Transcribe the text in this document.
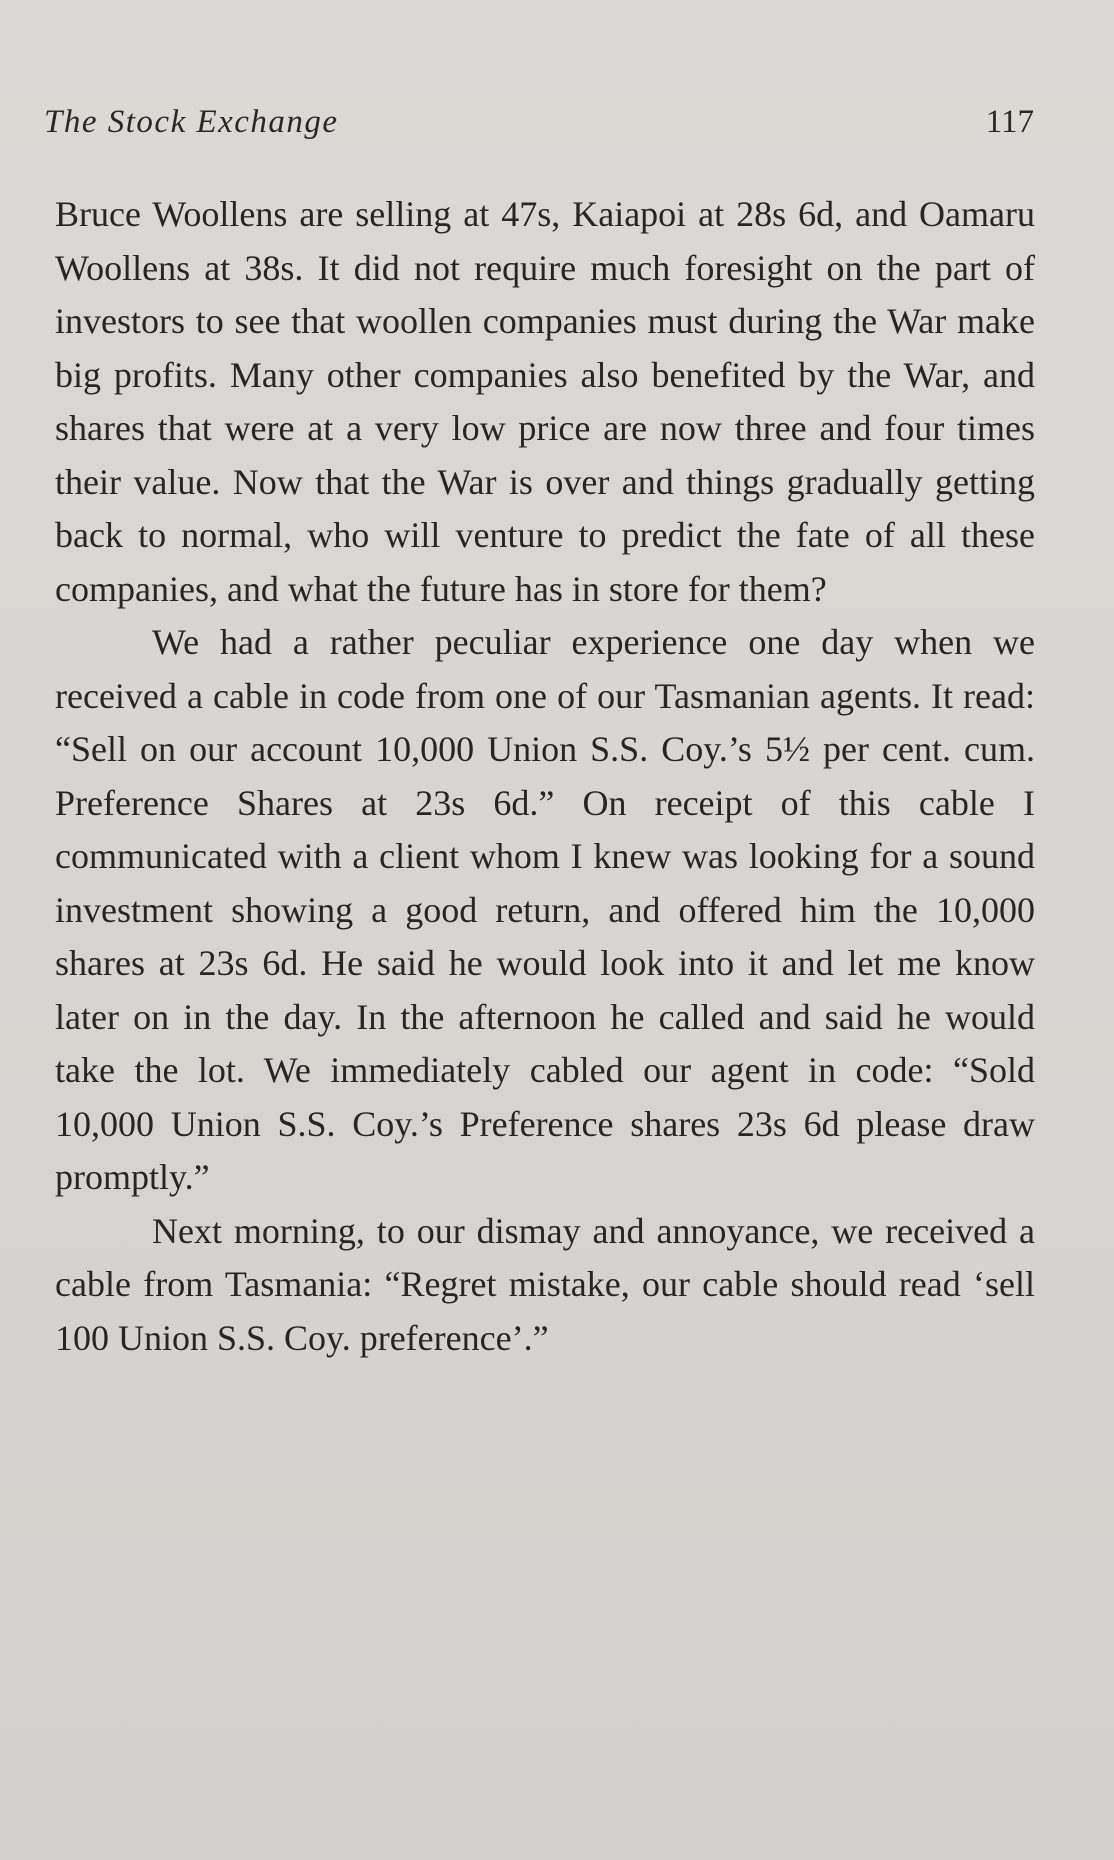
The Stock Exchange	117

Bruce Woollens are selling at 47s, Kaiapoi at 28s 6d, and Oamaru Woollens at 38s. It did not require much foresight on the part of investors to see that woollen companies must during the War make big profits. Many other companies also benefited by the War, and shares that were at a very low price are now three and four times their value. Now that the War is over and things gradually getting back to normal, who will venture to predict the fate of all these companies, and what the future has in store for them?

We had a rather peculiar experience one day when we received a cable in code from one of our Tasmanian agents. It read: “Sell on our account 10,000 Union S.S. Coy.’s 5½ per cent. cum. Preference Shares at 23s 6d.” On receipt of this cable I communicated with a client whom I knew was looking for a sound investment showing a good return, and offered him the 10,000 shares at 23s 6d. He said he would look into it and let me know later on in the day. In the afternoon he called and said he would take the lot. We immediately cabled our agent in code: “Sold 10,000 Union S.S. Coy.’s Preference shares 23s 6d please draw promptly.”

Next morning, to our dismay and annoyance, we received a cable from Tasmania: “Regret mistake, our cable should read ‘sell 100 Union S.S. Coy. preference’.”
